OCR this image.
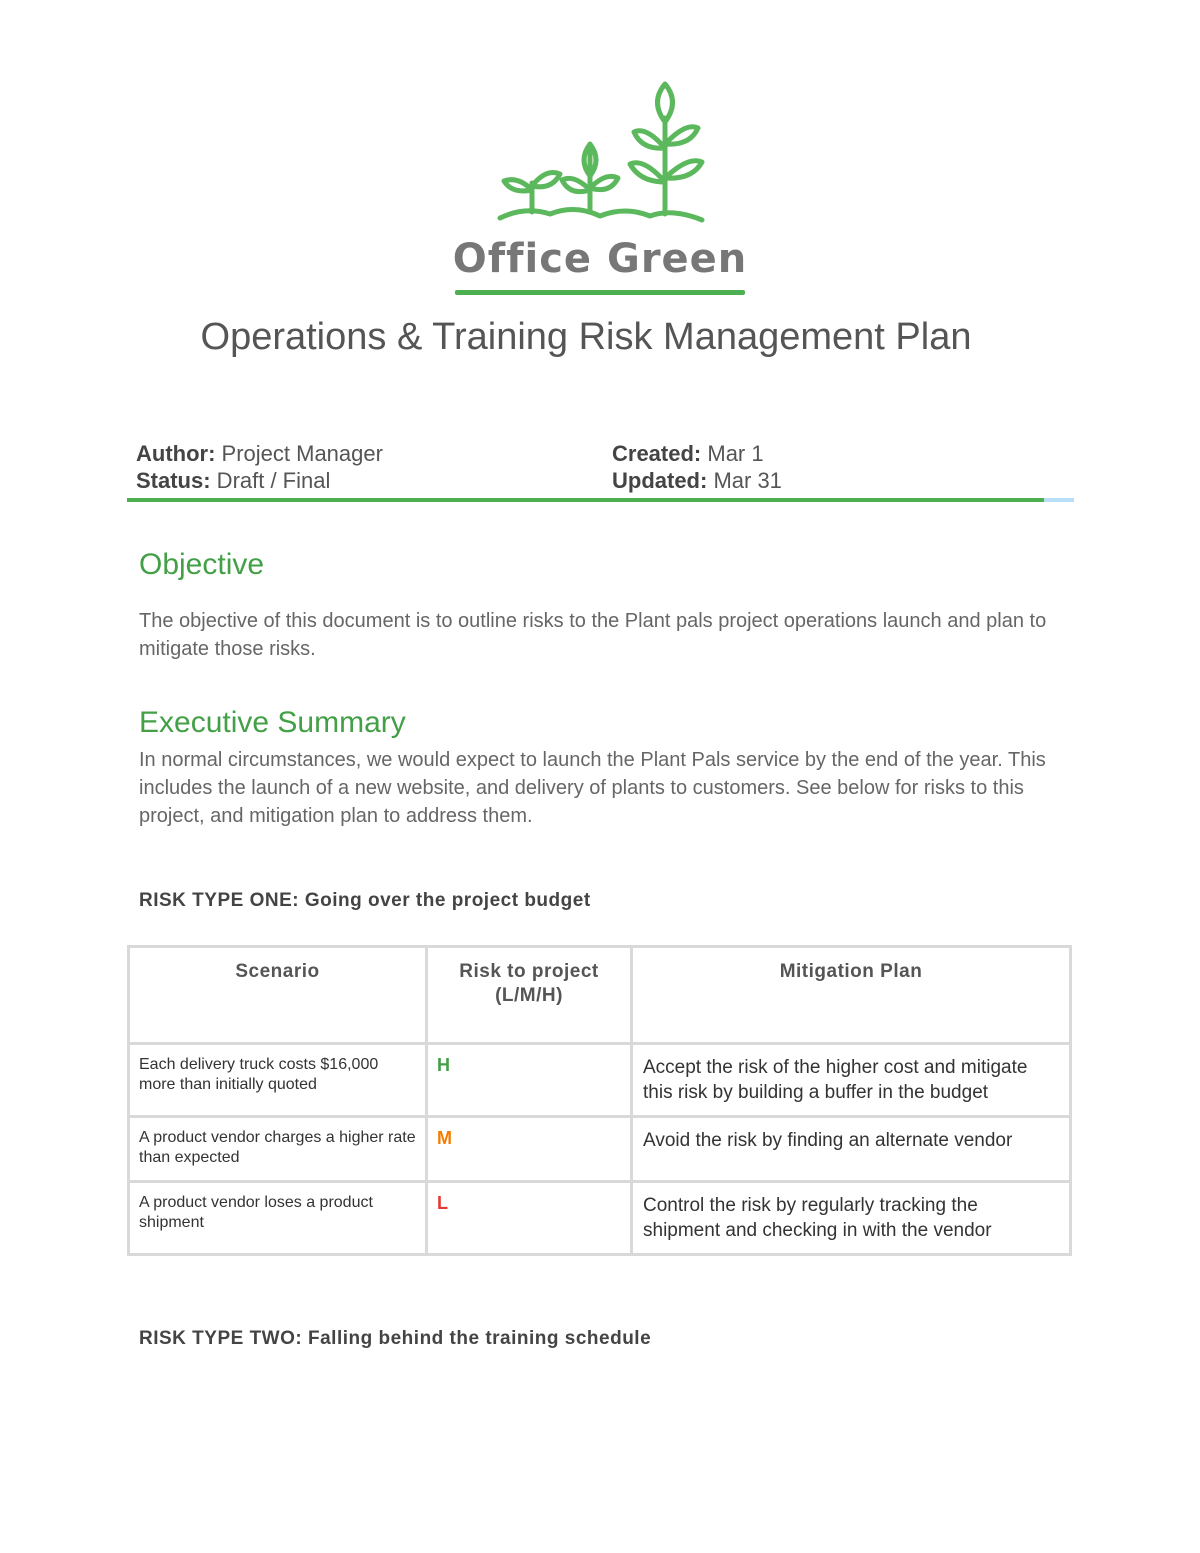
Office Green
Operations & Training Risk Management Plan
Author: Project Manager
Status: Draft / Final
Created: Mar 1
Updated: Mar 31
Objective
The objective of this document is to outline risks to the Plant pals project operations launch and plan to mitigate those risks.
Executive Summary
In normal circumstances, we would expect to launch the Plant Pals service by the end of the year. This includes the launch of a new website, and delivery of plants to customers. See below for risks to this project, and mitigation plan to address them.
RISK TYPE ONE: Going over the project budget
Scenario	Risk to project (L/M/H)	Mitigation Plan
Each delivery truck costs $16,000 more than initially quoted	H	Accept the risk of the higher cost and mitigate this risk by building a buffer in the budget
A product vendor charges a higher rate than expected	M	Avoid the risk by finding an alternate vendor
A product vendor loses a product shipment	L	Control the risk by regularly tracking the shipment and checking in with the vendor
RISK TYPE TWO: Falling behind the training schedule
